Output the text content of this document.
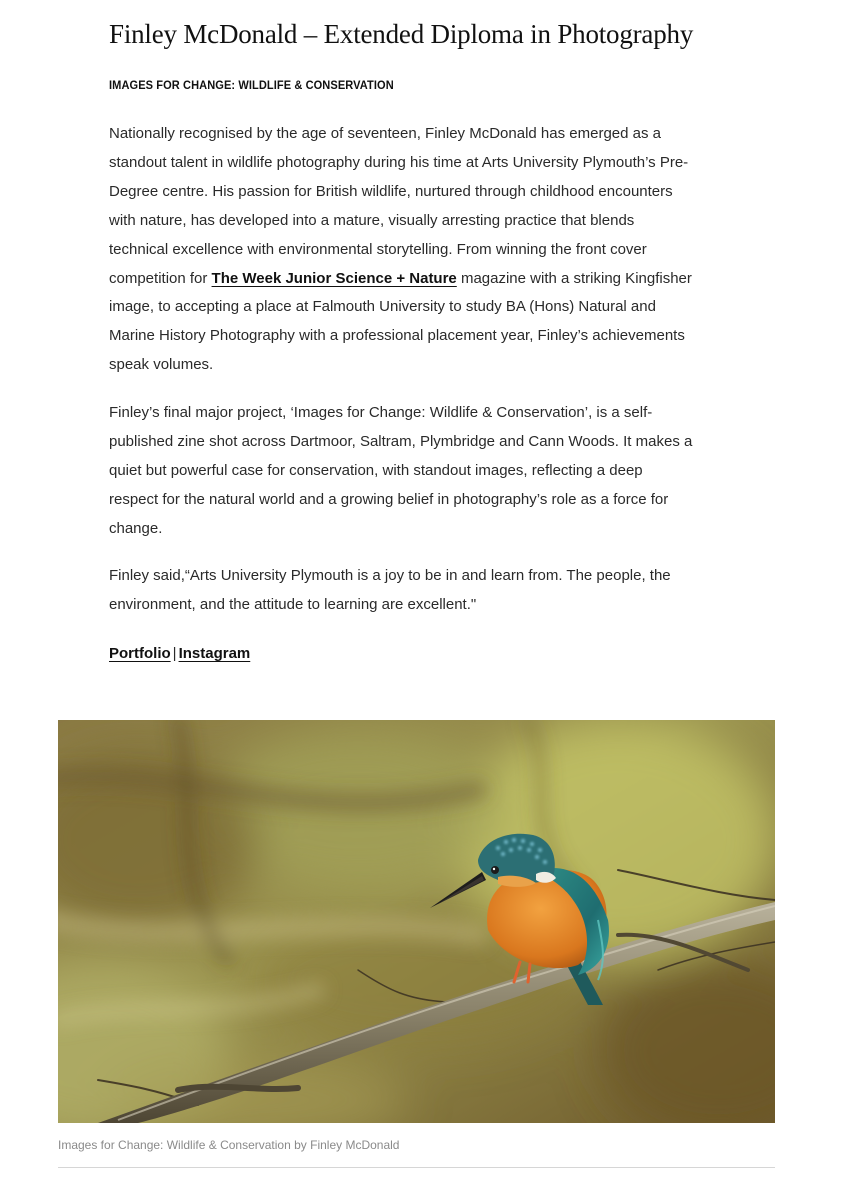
Finley McDonald – Extended Diploma in Photography
IMAGES FOR CHANGE: WILDLIFE & CONSERVATION

Nationally recognised by the age of seventeen, Finley McDonald has emerged as a
standout talent in wildlife photography during his time at Arts University Plymouth’s Pre-
Degree centre. His passion for British wildlife, nurtured through childhood encounters
with nature, has developed into a mature, visually arresting practice that blends
technical excellence with environmental storytelling. From winning the front cover
competition for The Week Junior Science + Nature magazine with a striking Kingfisher
image, to accepting a place at Falmouth University to study BA (Hons) Natural and
Marine History Photography with a professional placement year, Finley’s achievements
speak volumes.

Finley’s final major project, ‘Images for Change: Wildlife & Conservation’, is a self-
published zine shot across Dartmoor, Saltram, Plymbridge and Cann Woods. It makes a
quiet but powerful case for conservation, with standout images, reflecting a deep
respect for the natural world and a growing belief in photography’s role as a force for
change.

Finley said,“Arts University Plymouth is a joy to be in and learn from. The people, the
environment, and the attitude to learning are excellent."

Portfolio | Instagram

Images for Change: Wildlife & Conservation by Finley McDonald
